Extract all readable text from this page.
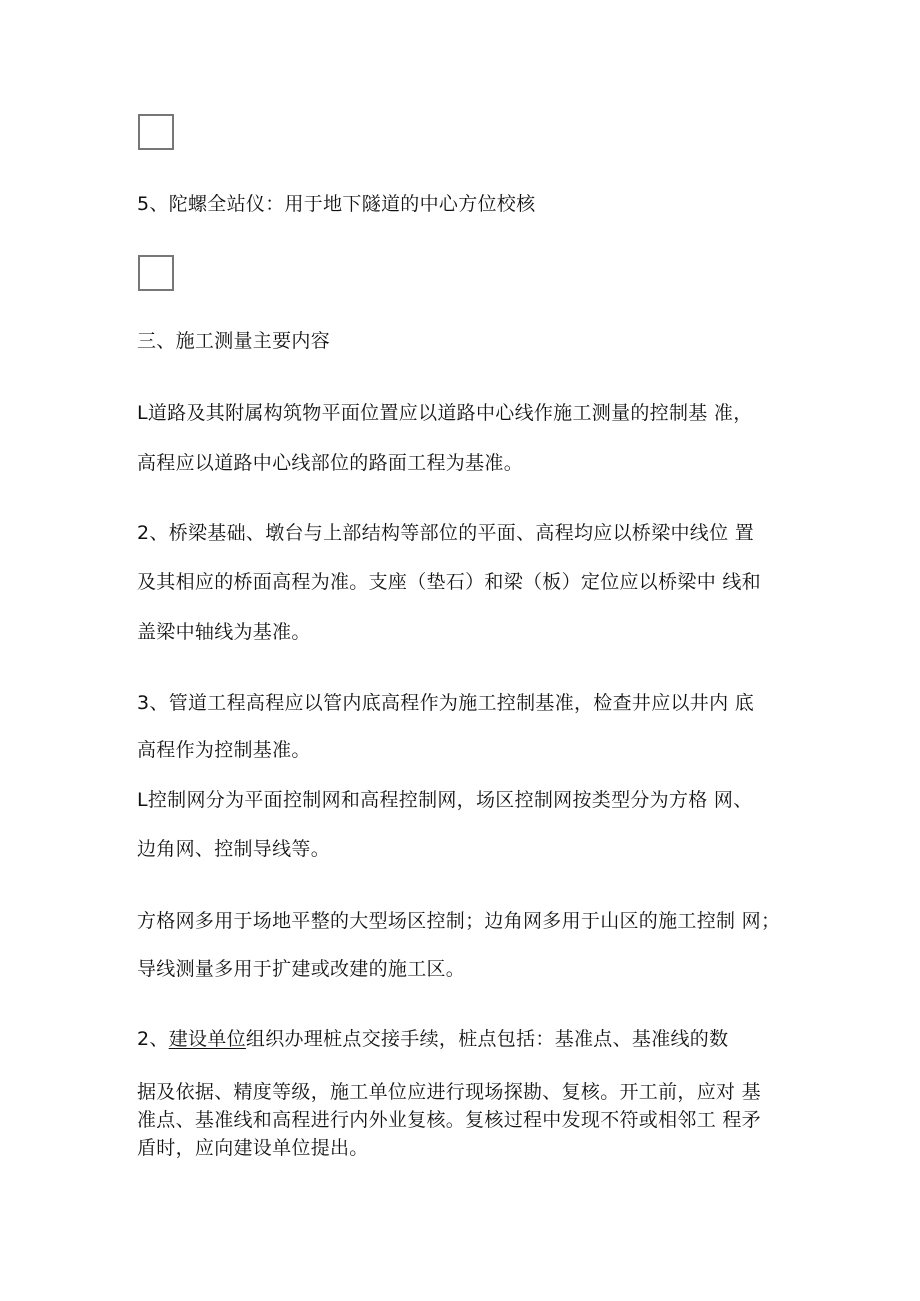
5、陀螺全站仪：用于地下隧道的中心方位校核
三、施工测量主要内容
L道路及其附属构筑物平面位置应以道路中心线作施工测量的控制基 准，
高程应以道路中心线部位的路面工程为基准。
2、桥梁基础、墩台与上部结构等部位的平面、高程均应以桥梁中线位 置
及其相应的桥面高程为准。支座（垫石）和梁（板）定位应以桥梁中 线和
盖梁中轴线为基准。
3、管道工程高程应以管内底高程作为施工控制基准，检查井应以井内 底
高程作为控制基准。
L控制网分为平面控制网和高程控制网，场区控制网按类型分为方格 网、
边角网、控制导线等。
方格网多用于场地平整的大型场区控制；边角网多用于山区的施工控制 网；
导线测量多用于扩建或改建的施工区。
2、建设单位组织办理桩点交接手续，桩点包括：基准点、基准线的数
据及依据、精度等级，施工单位应进行现场探勘、复核。开工前，应对 基
准点、基准线和高程进行内外业复核。复核过程中发现不符或相邻工 程矛
盾时，应向建设单位提出。
